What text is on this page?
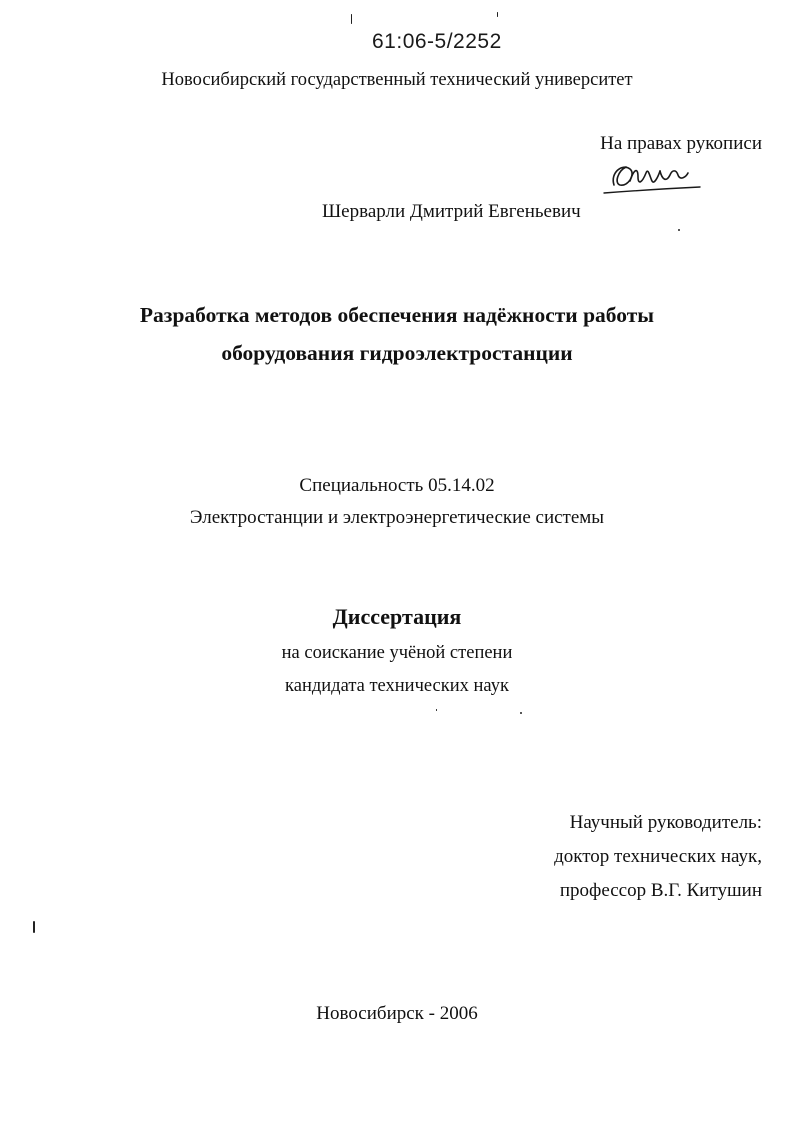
61:06-5/2252
Новосибирский государственный технический университет
На правах рукописи
Шерварли Дмитрий Евгеньевич
Разработка методов обеспечения надёжности работы
оборудования гидроэлектростанции
Специальность 05.14.02
Электростанции и электроэнергетические системы
Диссертация
на соискание учёной степени
кандидата технических наук
Научный руководитель:
доктор технических наук,
профессор В.Г. Китушин
Новосибирск - 2006
